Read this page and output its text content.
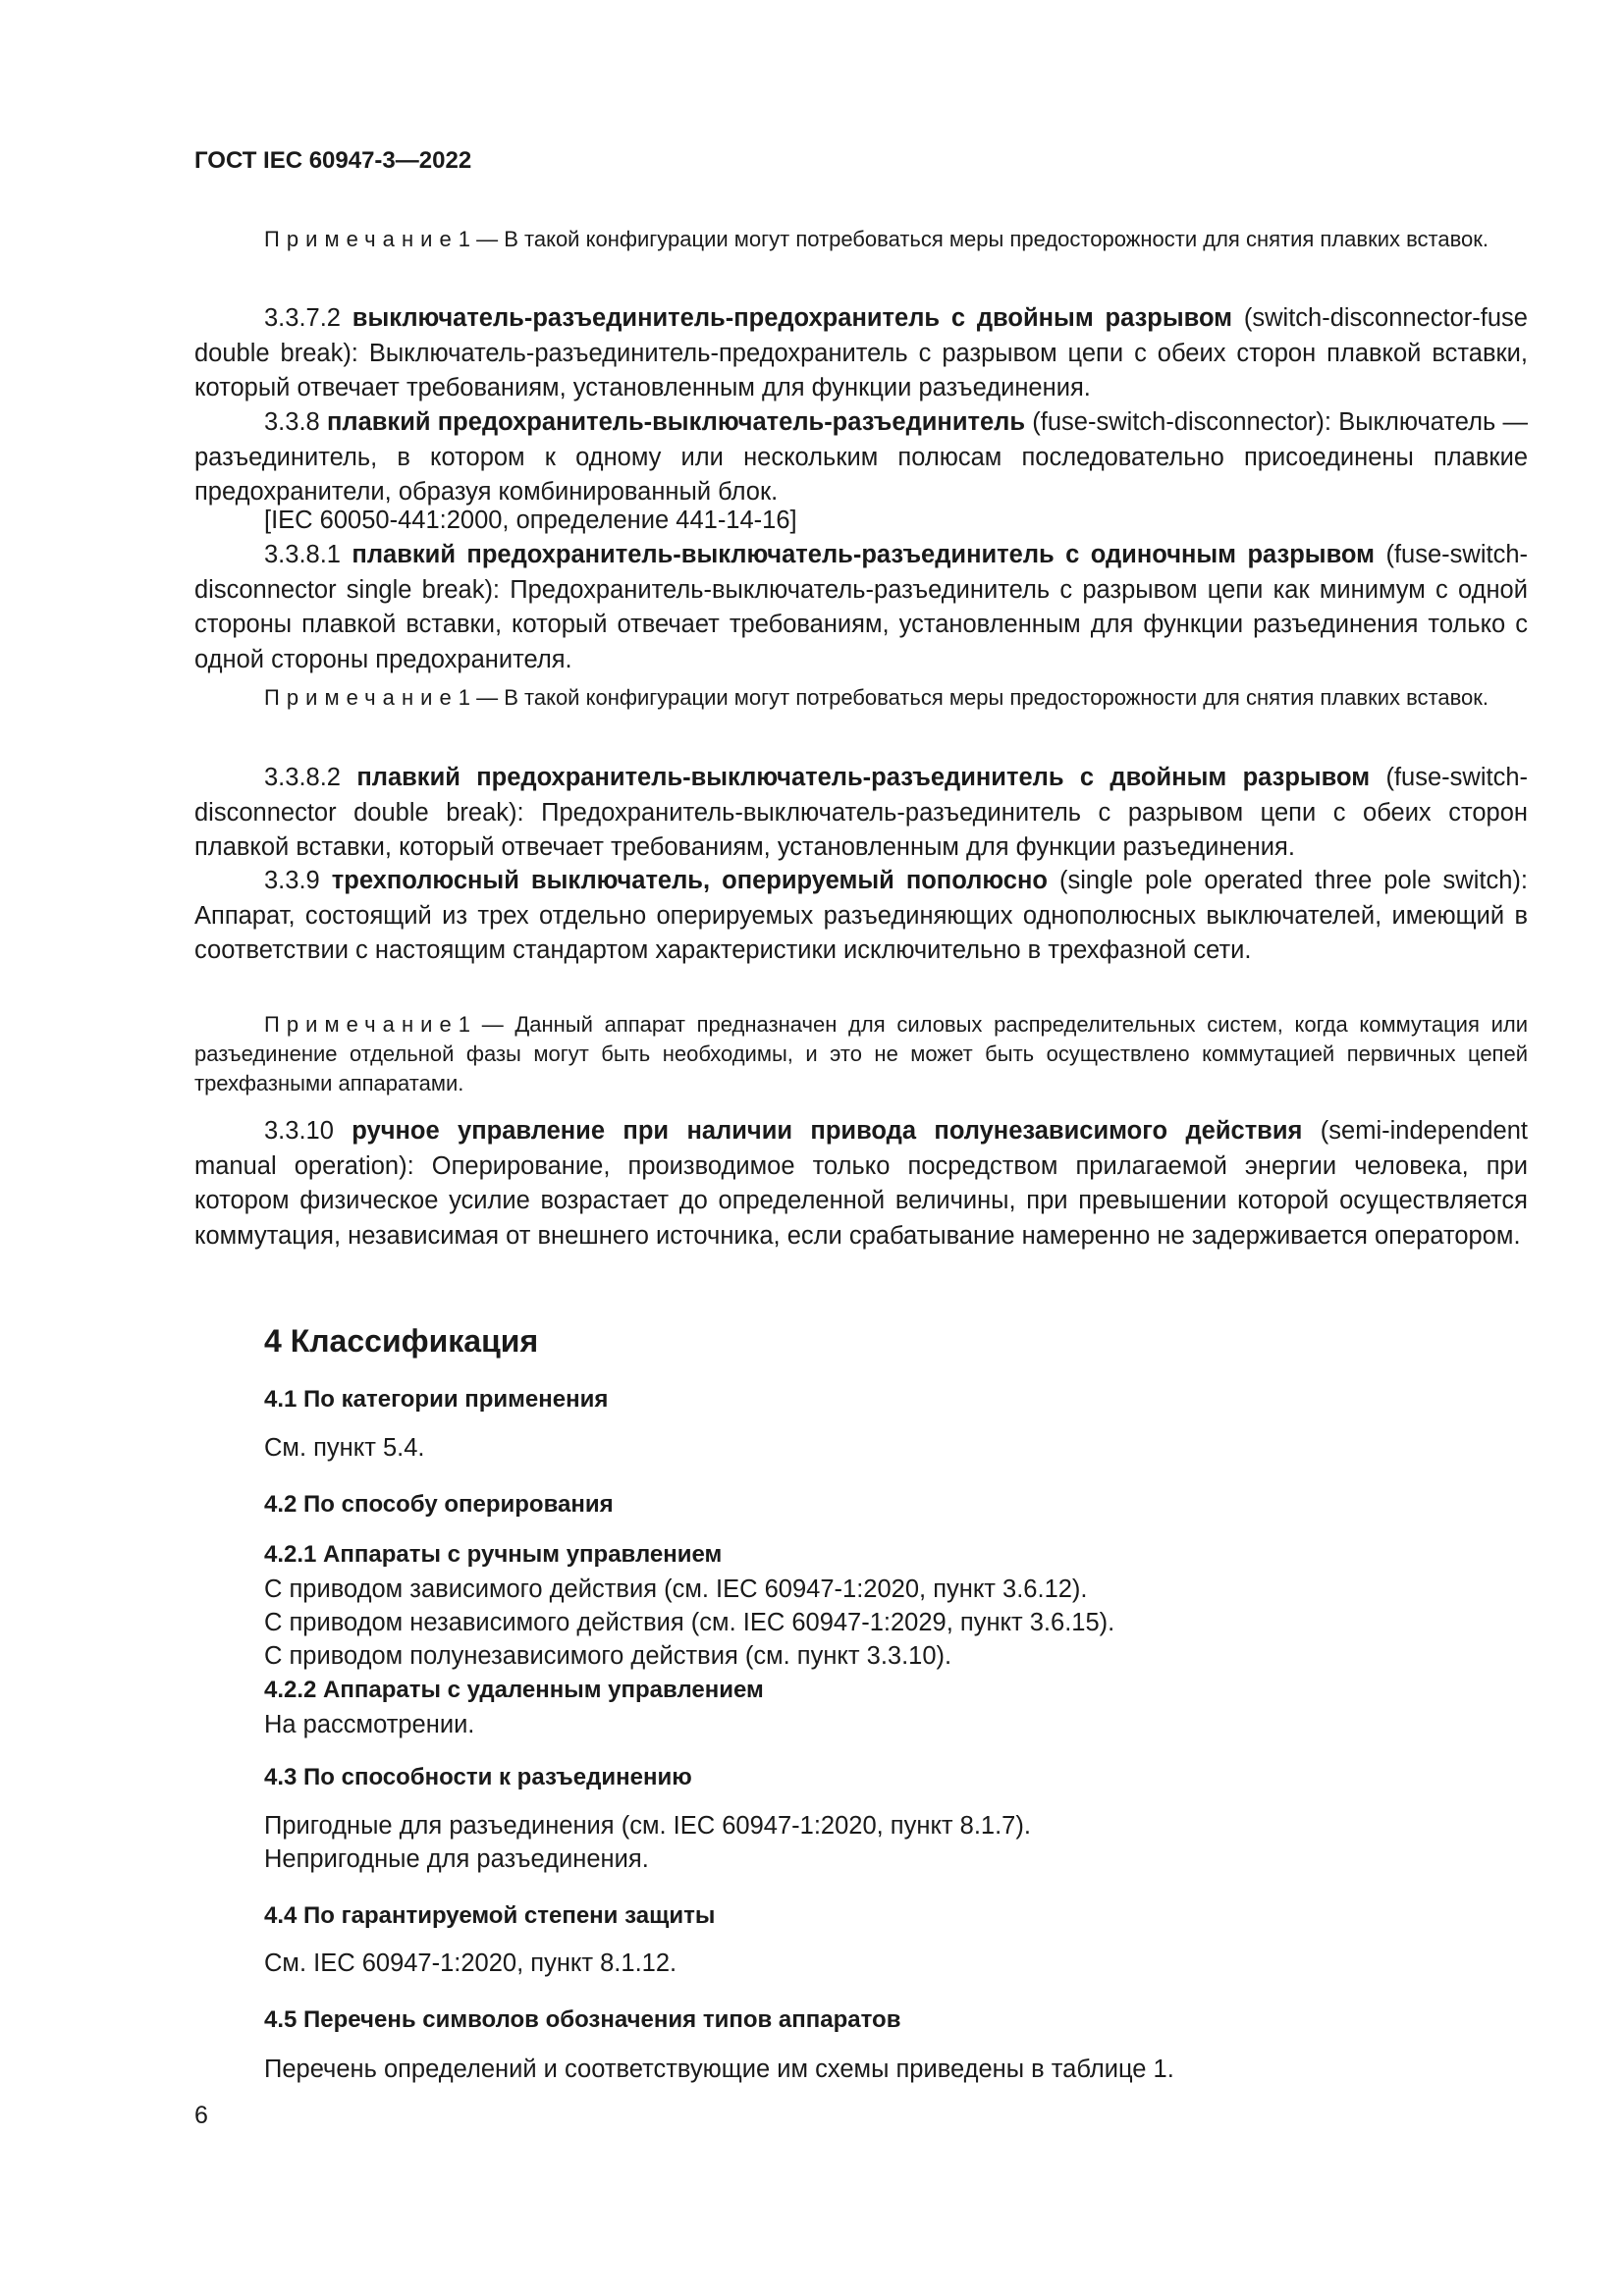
ГОСТ IEC 60947-3—2022
Примечание1 — В такой конфигурации могут потребоваться меры предосторожности для снятия плавких вставок.
3.3.7.2 выключатель-разъединитель-предохранитель с двойным разрывом (switch-disconnector-fuse double break): Выключатель-разъединитель-предохранитель с разрывом цепи с обеих сторон плавкой вставки, который отвечает требованиям, установленным для функции разъединения.
3.3.8 плавкий предохранитель-выключатель-разъединитель (fuse-switch-disconnector): Выключатель — разъединитель, в котором к одному или нескольким полюсам последовательно присоединены плавкие предохранители, образуя комбинированный блок.
[IEC 60050-441:2000, определение 441-14-16]
3.3.8.1 плавкий предохранитель-выключатель-разъединитель с одиночным разрывом (fuse-switch-disconnector single break): Предохранитель-выключатель-разъединитель с разрывом цепи как минимум с одной стороны плавкой вставки, который отвечает требованиям, установленным для функции разъединения только с одной стороны предохранителя.
Примечание1 — В такой конфигурации могут потребоваться меры предосторожности для снятия плавких вставок.
3.3.8.2 плавкий предохранитель-выключатель-разъединитель с двойным разрывом (fuse-switch-disconnector double break): Предохранитель-выключатель-разъединитель с разрывом цепи с обеих сторон плавкой вставки, который отвечает требованиям, установленным для функции разъединения.
3.3.9 трехполюсный выключатель, оперируемый пополюсно (single pole operated three pole switch): Аппарат, состоящий из трех отдельно оперируемых разъединяющих однополюсных выключателей, имеющий в соответствии с настоящим стандартом характеристики исключительно в трехфазной сети.
Примечание1 — Данный аппарат предназначен для силовых распределительных систем, когда коммутация или разъединение отдельной фазы могут быть необходимы, и это не может быть осуществлено коммутацией первичных цепей трехфазными аппаратами.
3.3.10 ручное управление при наличии привода полунезависимого действия (semi-independent manual operation): Оперирование, производимое только посредством прилагаемой энергии человека, при котором физическое усилие возрастает до определенной величины, при превышении которой осуществляется коммутация, независимая от внешнего источника, если срабатывание намеренно не задерживается оператором.
4 Классификация
4.1 По категории применения
См. пункт 5.4.
4.2 По способу оперирования
4.2.1 Аппараты с ручным управлением
С приводом зависимого действия (см. IEC 60947-1:2020, пункт 3.6.12).
С приводом независимого действия (см. IEC 60947-1:2029, пункт 3.6.15).
С приводом полунезависимого действия (см. пункт 3.3.10).
4.2.2 Аппараты с удаленным управлением
На рассмотрении.
4.3 По способности к разъединению
Пригодные для разъединения (см. IEC 60947-1:2020, пункт 8.1.7).
Непригодные для разъединения.
4.4 По гарантируемой степени защиты
См. IEC 60947-1:2020, пункт 8.1.12.
4.5 Перечень символов обозначения типов аппаратов
Перечень определений и соответствующие им схемы приведены в таблице 1.
6
